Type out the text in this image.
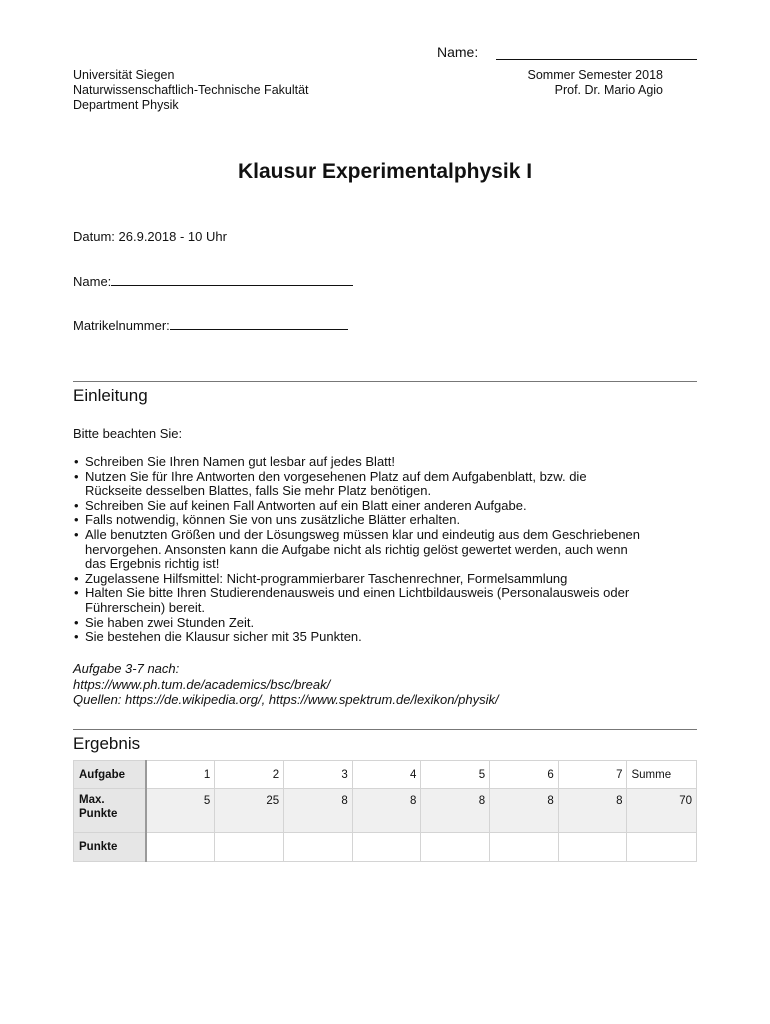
Name:
Universität Siegen
Naturwissenschaftlich-Technische Fakultät
Department Physik
Sommer Semester 2018
Prof. Dr. Mario Agio
Klausur Experimentalphysik I
Datum: 26.9.2018 - 10 Uhr
Name:
Matrikelnummer:
Einleitung
Bitte beachten Sie:
• Schreiben Sie Ihren Namen gut lesbar auf jedes Blatt!
• Nutzen Sie für Ihre Antworten den vorgesehenen Platz auf dem Aufgabenblatt, bzw. die
Rückseite desselben Blattes, falls Sie mehr Platz benötigen.
• Schreiben Sie auf keinen Fall Antworten auf ein Blatt einer anderen Aufgabe.
• Falls notwendig, können Sie von uns zusätzliche Blätter erhalten.
• Alle benutzten Größen und der Lösungsweg müssen klar und eindeutig aus dem Geschriebenen
hervorgehen. Ansonsten kann die Aufgabe nicht als richtig gelöst gewertet werden, auch wenn
das Ergebnis richtig ist!
• Zugelassene Hilfsmittel: Nicht-programmierbarer Taschenrechner, Formelsammlung
• Halten Sie bitte Ihren Studierendenausweis und einen Lichtbildausweis (Personalausweis oder
Führerschein) bereit.
• Sie haben zwei Stunden Zeit.
• Sie bestehen die Klausur sicher mit 35 Punkten.
Aufgabe 3-7 nach:
https://www.ph.tum.de/academics/bsc/break/
Quellen: https://de.wikipedia.org/, https://www.spektrum.de/lexikon/physik/
Ergebnis
Aufgabe	1	2	3	4	5	6	7	Summe
Max. Punkte	5	25	8	8	8	8	8	70
Punkte								
